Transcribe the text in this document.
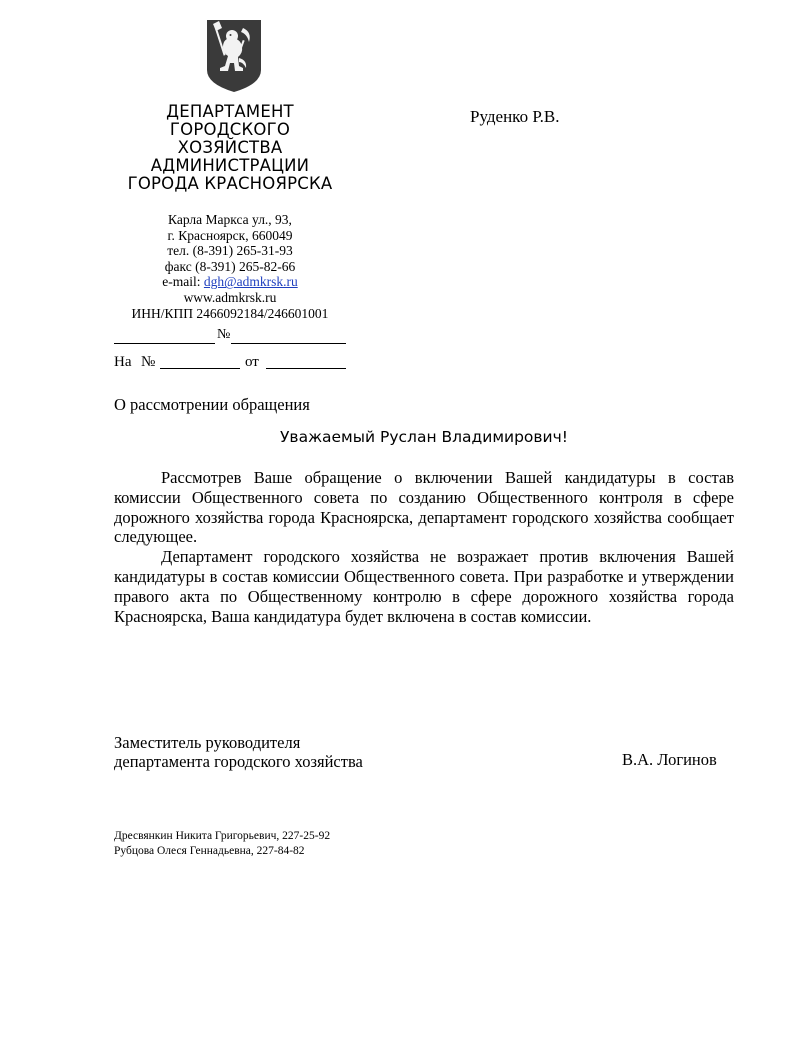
ДЕПАРТАМЕНТ
ГОРОДСКОГО
ХОЗЯЙСТВА
АДМИНИСТРАЦИИ
ГОРОДА КРАСНОЯРСКА
Карла Маркса ул., 93,
г. Красноярск, 660049
тел. (8-391) 265-31-93
факс (8-391) 265-82-66
e-mail: dgh@admkrsk.ru
www.admkrsk.ru
ИНН/КПП 2466092184/246601001
№
На №	от
Руденко Р.В.
О рассмотрении обращения
Уважаемый Руслан Владимирович!

Рассмотрев Ваше обращение о включении Вашей кандидатуры в состав комиссии Общественного совета по созданию Общественного контроля в сфере дорожного хозяйства города Красноярска, департамент городского хозяйства сообщает следующее.

Департамент городского хозяйства не возражает против включения Вашей кандидатуры в состав комиссии Общественного совета. При разработке и утверждении правого акта по Общественному контролю в сфере дорожного хозяйства города Красноярска, Ваша кандидатура будет включена в состав комиссии.

Заместитель руководителя
департамента городского хозяйства	В.А. Логинов
Дресвянкин Никита Григорьевич, 227-25-92
Рубцова Олеся Геннадьевна, 227-84-82
